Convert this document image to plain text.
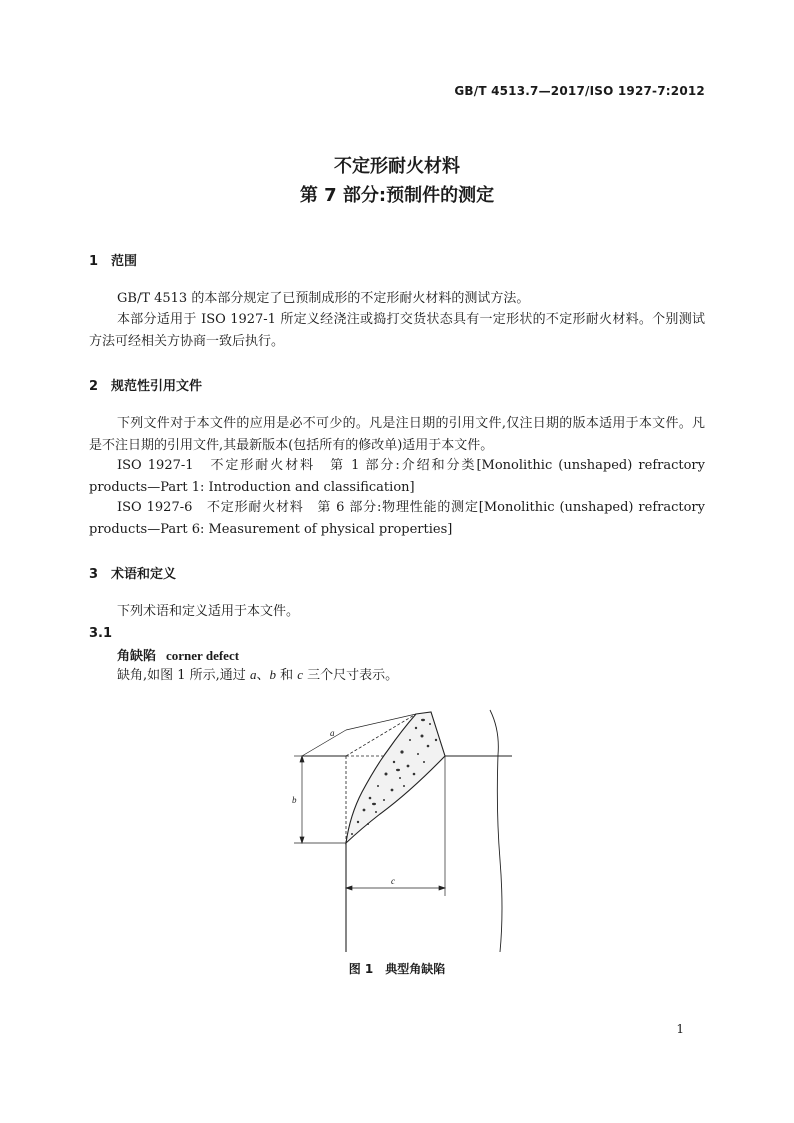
GB/T 4513.7—2017/ISO 1927-7:2012
不定形耐火材料
第 7 部分:预制件的测定
1 范围

GB/T 4513 的本部分规定了已预制成形的不定形耐火材料的测试方法。

本部分适用于 ISO 1927-1 所定义经浇注或捣打交货状态具有一定形状的不定形耐火材料。个别测试方法可经相关方协商一致后执行。

2 规范性引用文件

下列文件对于本文件的应用是必不可少的。凡是注日期的引用文件,仅注日期的版本适用于本文件。凡是不注日期的引用文件,其最新版本(包括所有的修改单)适用于本文件。

ISO 1927-1　不定形耐火材料　第 1 部分:介绍和分类[Monolithic (unshaped) refractory products—Part 1: Introduction and classification]

ISO 1927-6　不定形耐火材料　第 6 部分:物理性能的测定[Monolithic (unshaped) refractory products—Part 6: Measurement of physical properties]

3 术语和定义

下列术语和定义适用于本文件。

3.1
角缺陷 corner defect

缺角,如图 1 所示,通过 a、b 和 c 三个尺寸表示。

a
b
c
图 1　典型角缺陷
1
